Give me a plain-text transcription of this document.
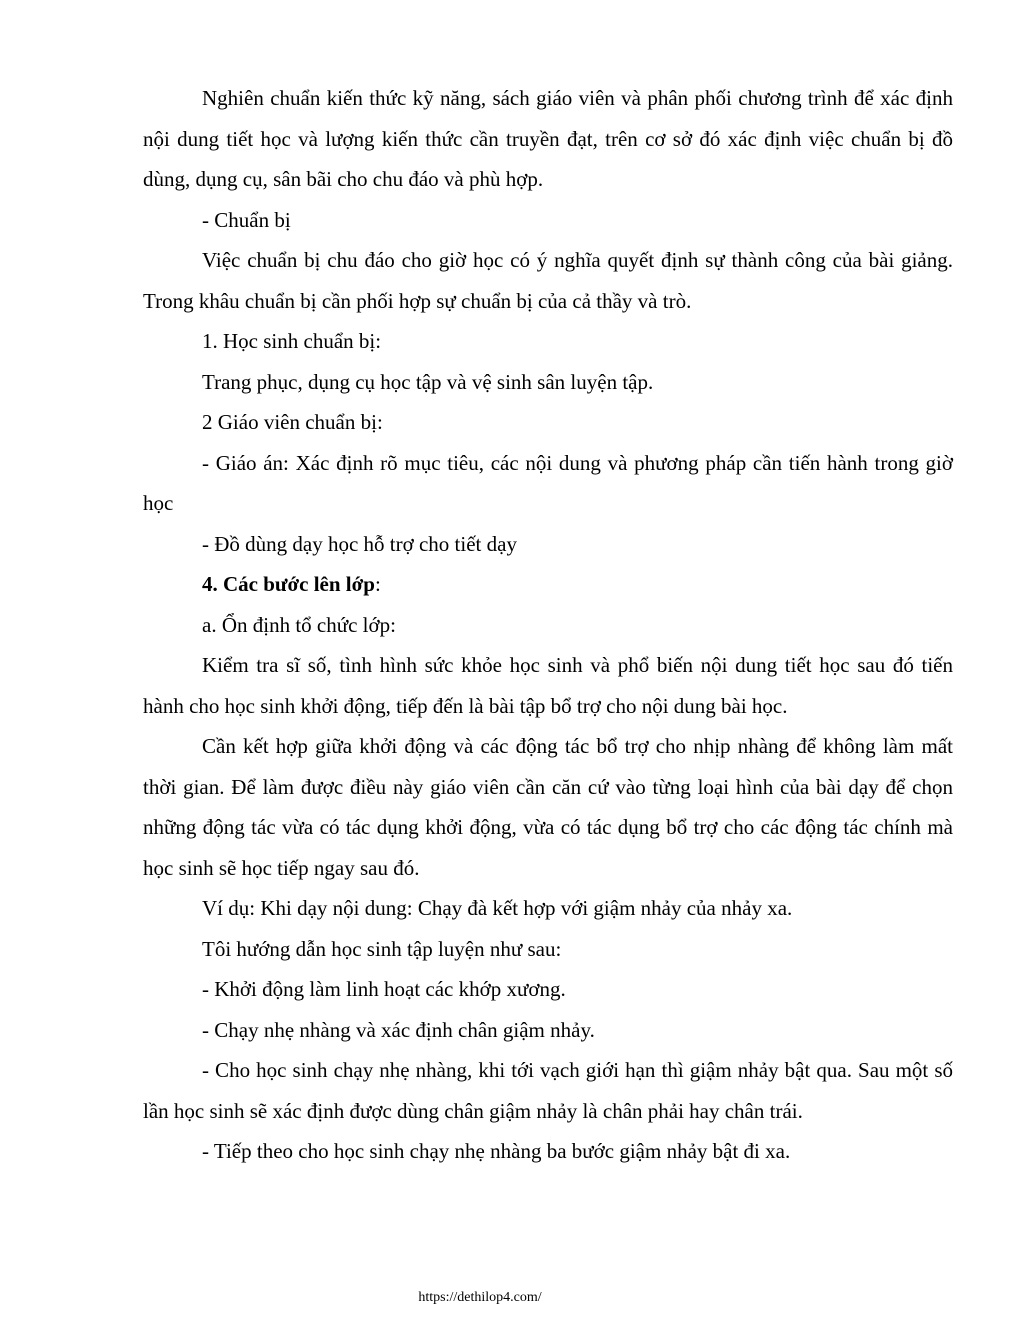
Nghiên chuẩn kiến thức kỹ năng, sách giáo viên và phân phối chương trình để xác định nội dung tiết học và lượng kiến thức cần truyền đạt, trên cơ sở đó xác định việc chuẩn bị đồ dùng, dụng cụ, sân bãi cho chu đáo và phù hợp.

- Chuẩn bị

Việc chuẩn bị chu đáo cho giờ học có ý nghĩa quyết định sự thành công của bài giảng. Trong khâu chuẩn bị cần phối hợp sự chuẩn bị của cả thầy và trò.

1. Học sinh chuẩn bị:

Trang phục, dụng cụ học tập và vệ sinh sân luyện tập.

2 Giáo viên chuẩn bị:

- Giáo án: Xác định rõ mục tiêu, các nội dung và phương pháp cần tiến hành trong giờ học

- Đồ dùng dạy học hỗ trợ cho tiết dạy

4. Các bước lên lớp:

a. Ổn định tổ chức lớp:

Kiểm tra sĩ số, tình hình sức khỏe học sinh và phổ biến nội dung tiết học sau đó tiến hành cho học sinh khởi động, tiếp đến là bài tập bổ trợ cho nội dung bài học.

Cần kết hợp giữa khởi động và các động tác bổ trợ cho nhịp nhàng để không làm mất thời gian. Để làm được điều này giáo viên cần căn cứ vào từng loại hình của bài dạy để chọn những động tác vừa có tác dụng khởi động, vừa có tác dụng bổ trợ cho các động tác chính mà học sinh sẽ học tiếp ngay sau đó.

Ví dụ: Khi dạy nội dung: Chạy đà kết hợp với giậm nhảy của nhảy xa.

Tôi hướng dẫn học sinh tập luyện như sau:

- Khởi động làm linh hoạt các khớp xương.

- Chạy nhẹ nhàng và xác định chân giậm nhảy.

- Cho học sinh chạy nhẹ nhàng, khi tới vạch giới hạn thì giậm nhảy bật qua. Sau một số lần học sinh sẽ xác định được dùng chân giậm nhảy là chân phải hay chân trái.

- Tiếp theo cho học sinh chạy nhẹ nhàng ba bước giậm nhảy bật đi xa.

https://dethilop4.com/
